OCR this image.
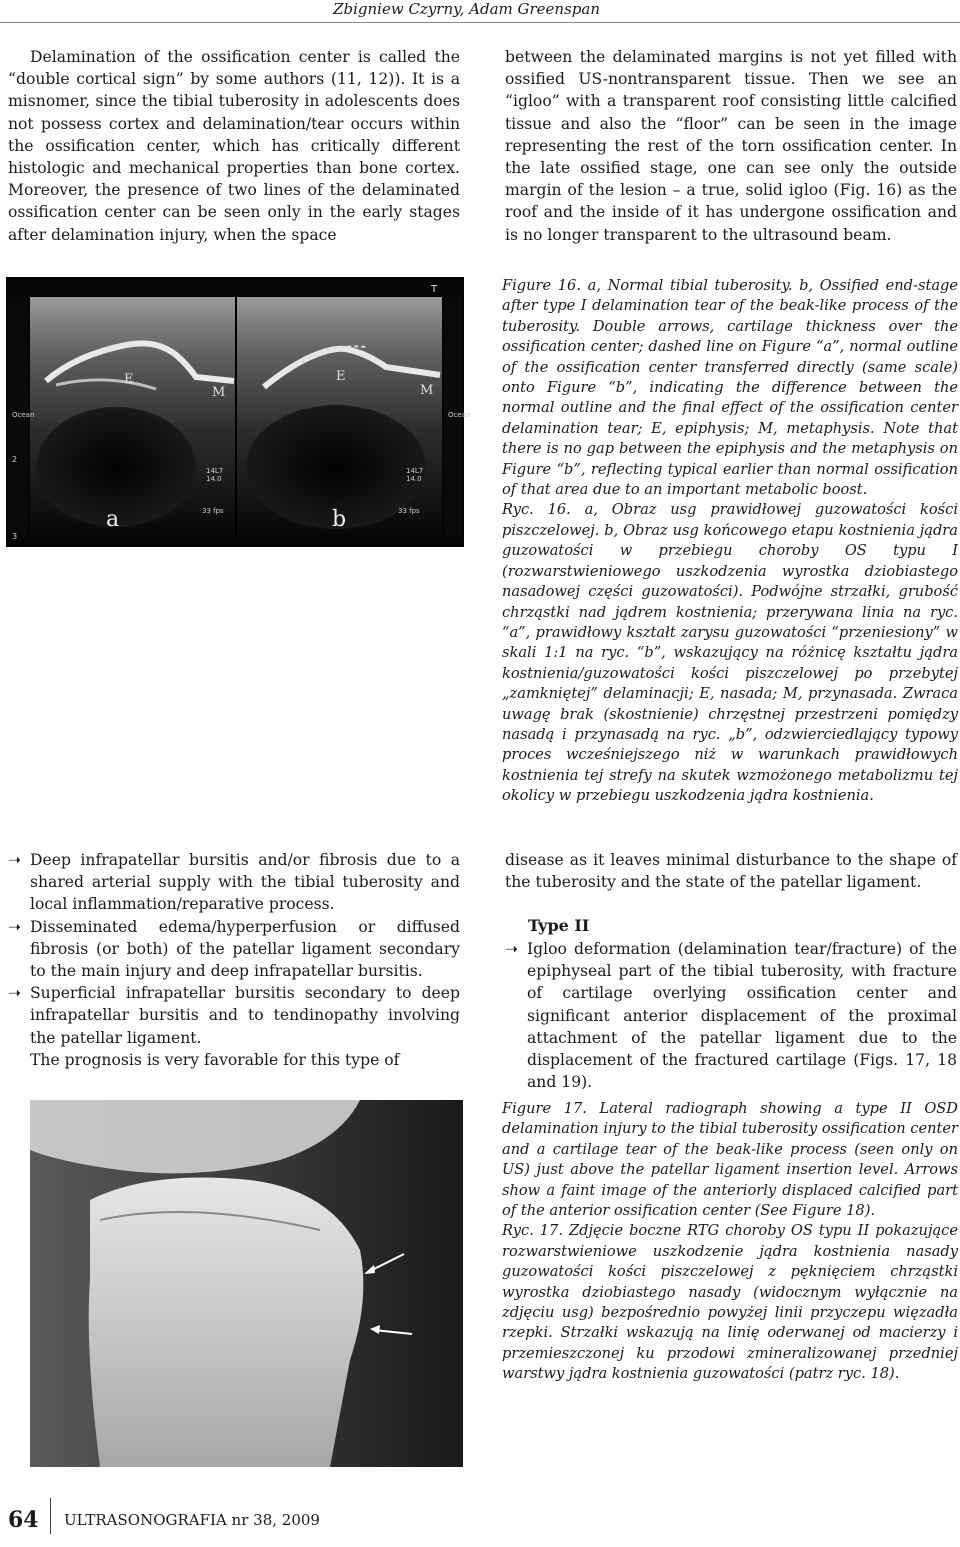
Zbigniew Czyrny, Adam Greenspan

Delamination of the ossification center is called the “double cortical sign” by some authors (11, 12)). It is a misnomer, since the tibial tuberosity in adolescents does not possess cortex and delamination/tear occurs within the ossification center, which has critically different histologic and mechanical properties than bone cortex. Moreover, the presence of two lines of the delaminated ossification center can be seen only in the early stages after delamination injury, when the space

between the delaminated margins is not yet filled with ossified US-nontransparent tissue. Then we see an “igloo” with a transparent roof consisting little calcified tissue and also the “floor” can be seen in the image representing the rest of the torn ossification center. In the late ossified stage, one can see only the outside margin of the lesion – a true, solid igloo (Fig. 16) as the roof and the inside of it has undergone ossification and is no longer transparent to the ultrasound beam.

Ocean	Ocean
2
3
T
E
M
E
M
14L7
14.0
14L7
14.0
33 fps	33 fps
a	b

Figure 16. a, Normal tibial tuberosity. b, Ossified end-stage after type I delamination tear of the beak-like process of the tuberosity. Double arrows, cartilage thickness over the ossification center; dashed line on Figure “a”, normal outline of the ossification center transferred directly (same scale) onto Figure “b”, indicating the difference between the normal outline and the final effect of the ossification center delamination tear; E, epiphysis; M, metaphysis. Note that there is no gap between the epiphysis and the metaphysis on Figure “b”, reflecting typical earlier than normal ossification of that area due to an important metabolic boost.

Ryc. 16. a, Obraz usg prawidłowej guzowatości kości piszczelowej. b, Obraz usg końcowego etapu kostnienia jądra guzowatości w przebiegu choroby OS typu I (rozwarstwieniowego uszkodzenia wyrostka dziobiastego nasadowej części guzowatości). Podwójne strzałki, grubość chrząstki nad jądrem kostnienia; przerywana linia na ryc. “a”, prawidłowy kształt zarysu guzowatości “przeniesiony” w skali 1:1 na ryc. “b”, wskazujący na różnicę kształtu jądra kostnienia/guzowatości kości piszczelowej po przebytej „zamkniętej” delaminacji; E, nasada; M, przynasada. Zwraca uwagę brak (skostnienie) chrzęstnej przestrzeni pomiędzy nasadą i przynasadą na ryc. „b”, odzwierciedlający typowy proces wcześniejszego niż w warunkach prawidłowych kostnienia tej strefy na skutek wzmożonego metabolizmu tej okolicy w przebiegu uszkodzenia jądra kostnienia.

➝ Deep infrapatellar bursitis and/or fibrosis due to a shared arterial supply with the tibial tuberosity and local inflammation/reparative process.
➝ Disseminated edema/hyperperfusion or diffused fibrosis (or both) of the patellar ligament secondary to the main injury and deep infrapatellar bursitis.
➝ Superficial infrapatellar bursitis secondary to deep infrapatellar bursitis and to tendinopathy involving the patellar ligament.

The prognosis is very favorable for this type of

disease as it leaves minimal disturbance to the shape of the tuberosity and the state of the patellar ligament.

Type II
➝ Igloo deformation (delamination tear/fracture) of the epiphyseal part of the tibial tuberosity, with fracture of cartilage overlying ossification center and significant anterior displacement of the proximal attachment of the patellar ligament due to the displacement of the fractured cartilage (Figs. 17, 18 and 19).

Figure 17. Lateral radiograph showing a type II OSD delamination injury to the tibial tuberosity ossification center and a cartilage tear of the beak-like process (seen only on US) just above the patellar ligament insertion level. Arrows show a faint image of the anteriorly displaced calcified part of the anterior ossification center (See Figure 18).

Ryc. 17. Zdjęcie boczne RTG choroby OS typu II pokazujące rozwarstwieniowe uszkodzenie jądra kostnienia nasady guzowatości kości piszczelowej z pęknięciem chrząstki wyrostka dziobiastego nasady (widocznym wyłącznie na zdjęciu usg) bezpośrednio powyżej linii przyczepu więzadła rzepki. Strzałki wskazują na linię oderwanej od macierzy i przemieszczonej ku przodowi zmineralizowanej przedniej warstwy jądra kostnienia guzowatości (patrz ryc. 18).

64 ULTRASONOGRAFIA nr 38, 2009
